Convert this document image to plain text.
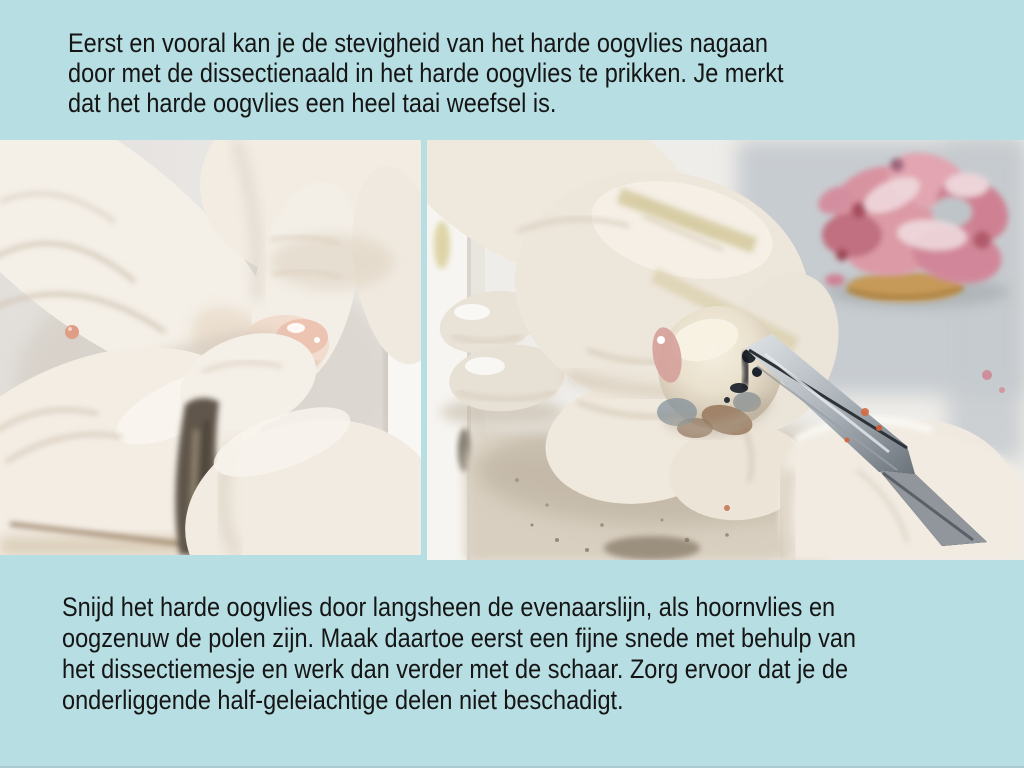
Eerst en vooral kan je de stevigheid van het harde oogvlies nagaan
door met de dissectienaald in het harde oogvlies te prikken. Je merkt
dat het harde oogvlies een heel taai weefsel is.
Snijd het harde oogvlies door langsheen de evenaarslijn, als hoornvlies en
oogzenuw de polen zijn. Maak daartoe eerst een fijne snede met behulp van
het dissectiemesje en werk dan verder met de schaar. Zorg ervoor dat je de
onderliggende half-geleiachtige delen niet beschadigt.
